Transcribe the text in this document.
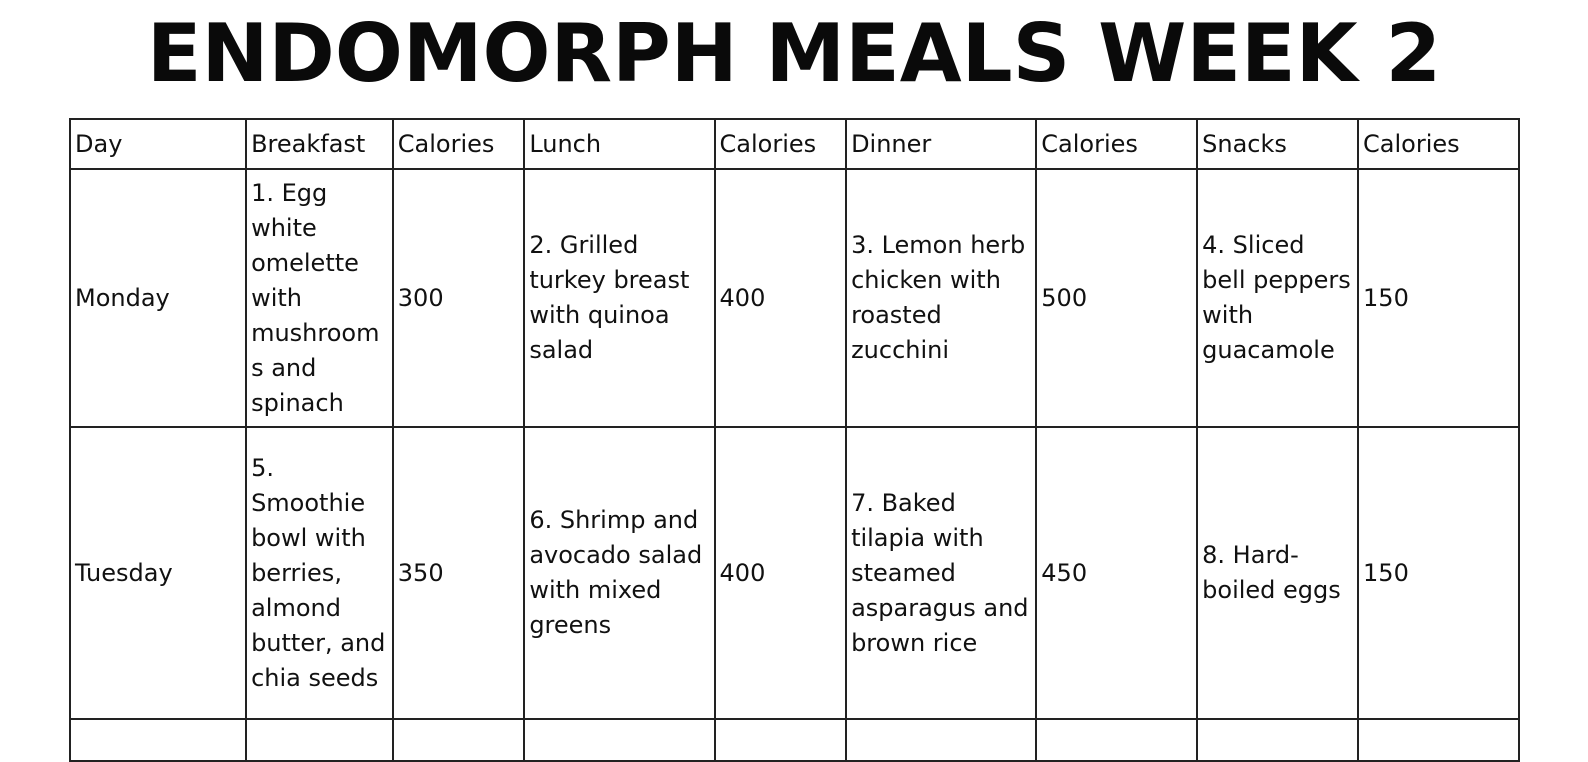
ENDOMORPH MEALS WEEK 2
Day	Breakfast	Calories	Lunch	Calories	Dinner	Calories	Snacks	Calories
Monday	1. Egg white omelette with mushrooms and spinach	300	2. Grilled turkey breast with quinoa salad	400	3. Lemon herb chicken with roasted zucchini	500	4. Sliced bell peppers with guacamole	150
Tuesday	5. Smoothie bowl with berries, almond butter, and chia seeds	350	6. Shrimp and avocado salad with mixed greens	400	7. Baked tilapia with steamed asparagus and brown rice	450	8. Hard-boiled eggs	150
